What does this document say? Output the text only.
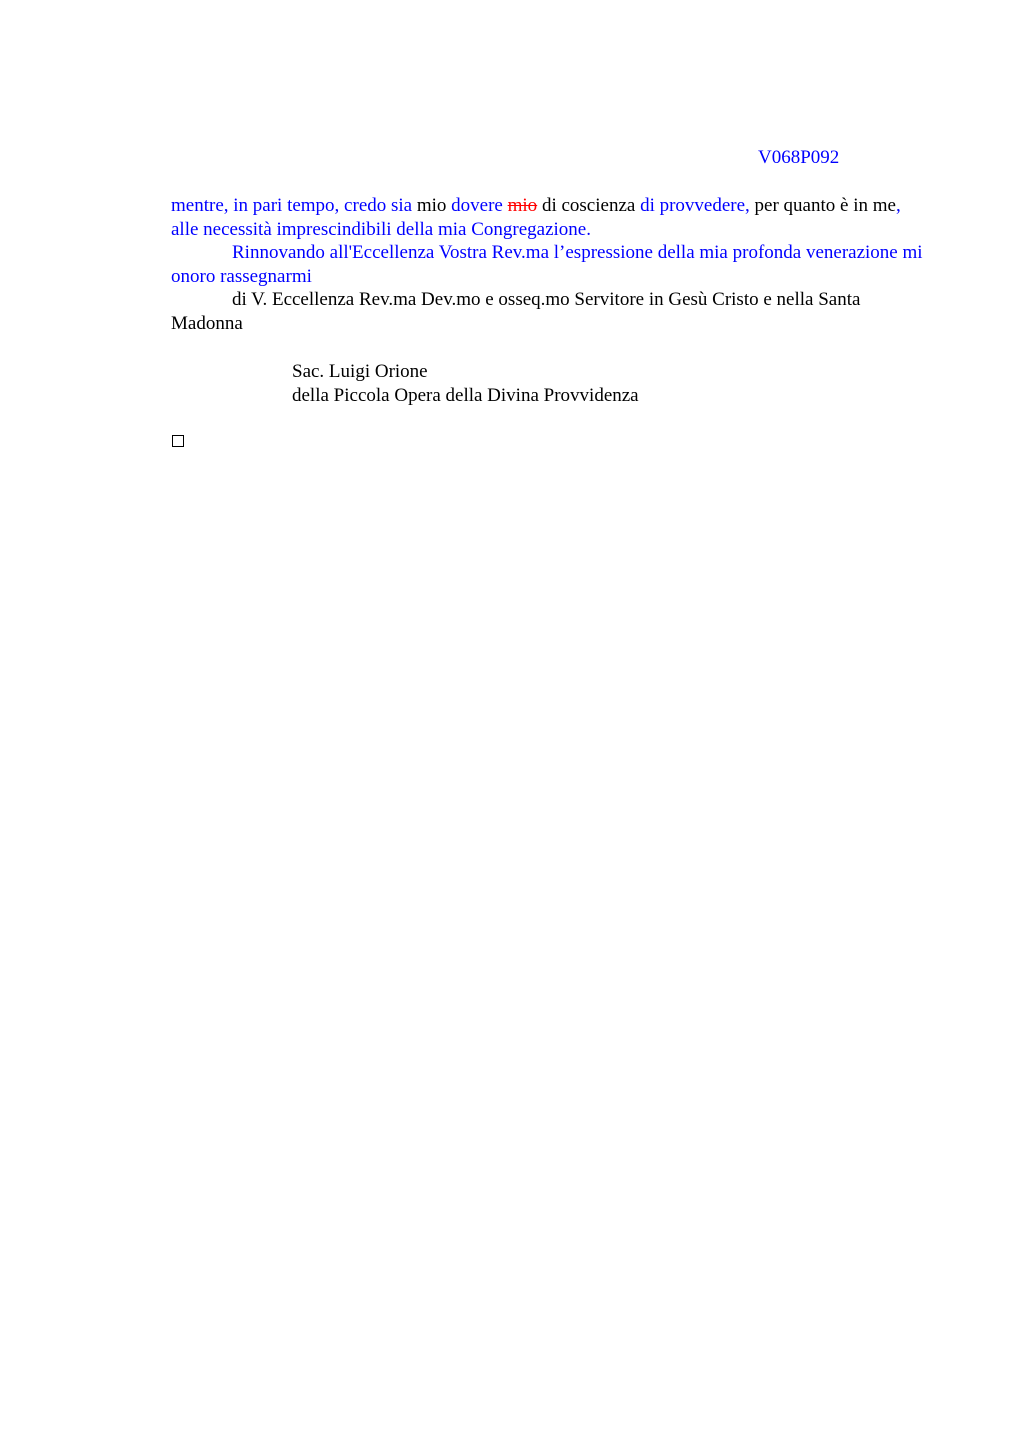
V068P092

mentre, in pari tempo, credo sia mio dovere mio di coscienza di provvedere, per quanto è in me, alle necessità imprescindibili della mia Congregazione.

Rinnovando all'Eccellenza Vostra Rev.ma l’espressione della mia profonda venerazione mi onoro rassegnarmi

di V. Eccellenza Rev.ma Dev.mo e osseq.mo Servitore in Gesù Cristo e nella Santa Madonna

Sac. Luigi Orione
della Piccola Opera della Divina Provvidenza
